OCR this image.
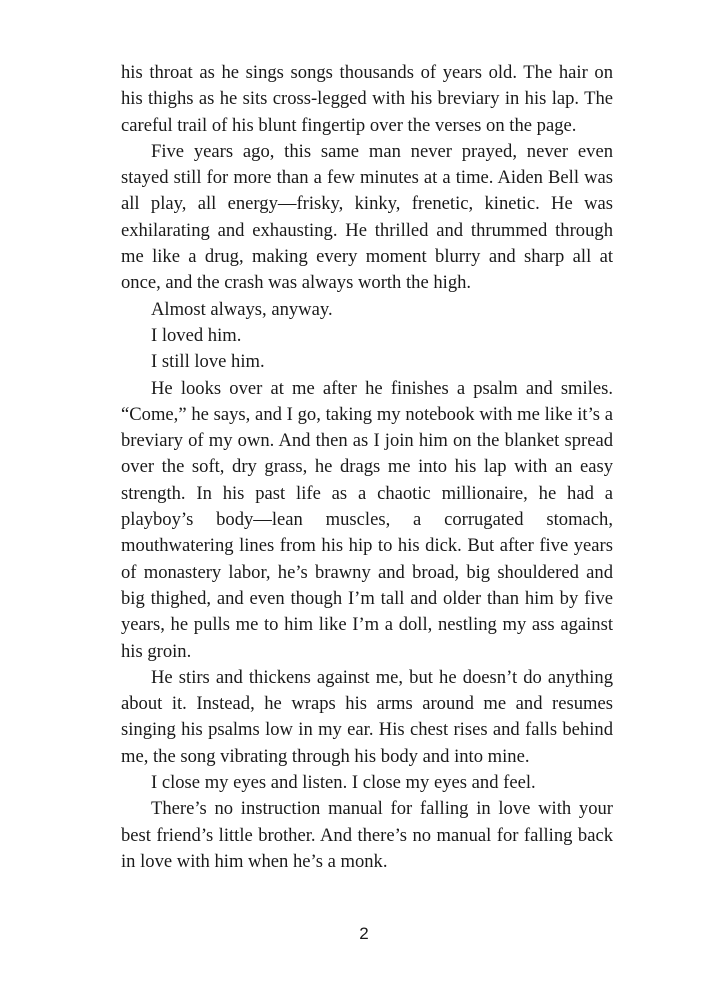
his throat as he sings songs thousands of years old. The hair on his thighs as he sits cross-legged with his breviary in his lap. The careful trail of his blunt fingertip over the verses on the page.

Five years ago, this same man never prayed, never even stayed still for more than a few minutes at a time. Aiden Bell was all play, all energy—frisky, kinky, frenetic, kinetic. He was exhilarating and exhausting. He thrilled and thrummed through me like a drug, making every moment blurry and sharp all at once, and the crash was always worth the high.

Almost always, anyway.

I loved him.

I still love him.

He looks over at me after he finishes a psalm and smiles. “Come,” he says, and I go, taking my notebook with me like it’s a breviary of my own. And then as I join him on the blanket spread over the soft, dry grass, he drags me into his lap with an easy strength. In his past life as a chaotic millionaire, he had a playboy’s body—lean muscles, a corrugated stomach, mouthwatering lines from his hip to his dick. But after five years of monastery labor, he’s brawny and broad, big shouldered and big thighed, and even though I’m tall and older than him by five years, he pulls me to him like I’m a doll, nestling my ass against his groin.

He stirs and thickens against me, but he doesn’t do anything about it. Instead, he wraps his arms around me and resumes singing his psalms low in my ear. His chest rises and falls behind me, the song vibrating through his body and into mine.

I close my eyes and listen. I close my eyes and feel.

There’s no instruction manual for falling in love with your best friend’s little brother. And there’s no manual for falling back in love with him when he’s a monk.

2
